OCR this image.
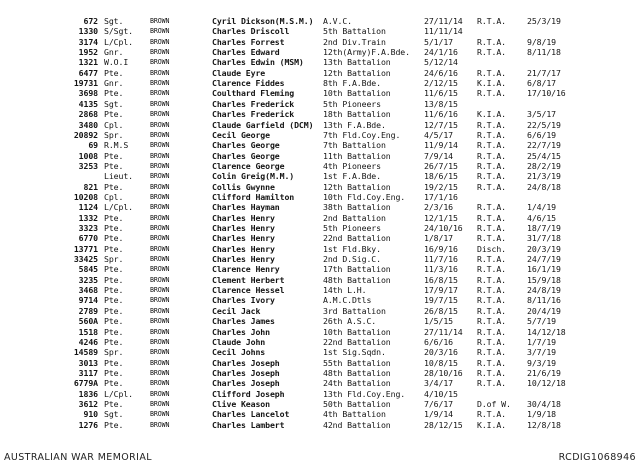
672 Sgt.	BROWN	Cyril Dickson(M.S.M.)	A.V.C.	27/11/14	R.T.A.	25/3/19
1330 S/Sgt.	BROWN	Charles Driscoll	5th Battalion	11/11/14
3174 L/Cpl.	BROWN	Charles Forrest	2nd Div.Train	5/1/17	R.T.A.	9/8/19
1952 Gnr.	BROWN	Charles Edward	12th(Army)F.A.Bde.	24/1/16	R.T.A.	8/11/18
1321 W.O.I	BROWN	Charles Edwin (MSM)	13th Battalion	5/12/14
6477 Pte.	BROWN	Claude Eyre	12th Battalion	24/6/16	R.T.A.	21/7/17
19731 Gnr.	BROWN	Clarence Fiddes	8th F.A.Bde.	2/12/15	K.I.A.	6/8/17
3698 Pte.	BROWN	Coulthard Fleming	10th Battalion	11/6/15	R.T.A.	17/10/16
4135 Sgt.	BROWN	Charles Frederick	5th Pioneers	13/8/15
2868 Pte.	BROWN	Charles Frederick	18th Battalion	11/6/16	K.I.A.	3/5/17
3480 Cpl.	BROWN	Claude Garfield (DCM)	13th F.A.Bde.	12/7/15	R.T.A.	22/5/19
20892 Spr.	BROWN	Cecil George	7th Fld.Coy.Eng.	4/5/17	R.T.A.	6/6/19
69 R.M.S	BROWN	Charles George	7th Battalion	11/9/14	R.T.A.	22/7/19
1008 Pte.	BROWN	Charles George	11th Battalion	7/9/14	R.T.A.	25/4/15
3253 Pte.	BROWN	Clarence George	4th Pioneers	26/7/15	R.T.A.	28/2/19
Lieut.	BROWN	Colin Greig(M.M.)	1st F.A.Bde.	18/6/15	R.T.A.	21/3/19
821 Pte.	BROWN	Collis Gwynne	12th Battalion	19/2/15	R.T.A.	24/8/18
10208 Cpl.	BROWN	Clifford Hamilton	10th Fld.Coy.Eng.	17/1/16
1124 L/Cpl.	BROWN	Charles Hayman	38th Battalion	2/3/16	R.T.A.	1/4/19
1332 Pte.	BROWN	Charles Henry	2nd Battalion	12/1/15	R.T.A.	4/6/15
3323 Pte.	BROWN	Charles Henry	5th Pioneers	24/10/16	R.T.A.	18/7/19
6770 Pte.	BROWN	Charles Henry	22nd Battalion	1/8/17	R.T.A.	31/7/18
13771 Pte.	BROWN	Charles Henry	1st Fld.Bky.	16/9/16	Disch.	20/3/19
33425 Spr.	BROWN	Charles Henry	2nd D.Sig.C.	11/7/16	R.T.A.	24/7/19
5845 Pte.	BROWN	Clarence Henry	17th Battalion	11/3/16	R.T.A.	16/1/19
3235 Pte.	BROWN	Clement Herbert	48th Battalion	16/8/15	R.T.A.	15/9/18
3468 Pte.	BROWN	Clarence Hessel	14th L.H.	17/9/17	R.T.A.	24/8/19
9714 Pte.	BROWN	Charles Ivory	A.M.C.Dtls	19/7/15	R.T.A.	8/11/16
2789 Pte.	BROWN	Cecil Jack	3rd Battalion	26/8/15	R.T.A.	20/4/19
560A Pte.	BROWN	Charles James	26th A.S.C.	1/5/15	R.T.A.	5/7/19
1518 Pte.	BROWN	Charles John	10th Battalion	27/11/14	R.T.A.	14/12/18
4246 Pte.	BROWN	Claude John	22nd Battalion	6/6/16	R.T.A.	1/7/19
14589 Spr.	BROWN	Cecil Johns	1st Sig.Sqdn.	20/3/16	R.T.A.	3/7/19
3013 Pte.	BROWN	Charles Joseph	55th Battalion	10/8/15	R.T.A.	9/3/19
3117 Pte.	BROWN	Charles Joseph	48th Battalion	28/10/16	R.T.A.	21/6/19
6779A Pte.	BROWN	Charles Joseph	24th Battalion	3/4/17	R.T.A.	10/12/18
1836 L/Cpl.	BROWN	Clifford Joseph	13th Fld.Coy.Eng.	4/10/15
3612 Pte.	BROWN	Clive Keason	50th Battalion	7/6/17	D.of W.	30/4/18
910 Sgt.	BROWN	Charles Lancelot	4th Battalion	1/9/14	R.T.A.	1/9/18
1276 Pte.	BROWN	Charles Lambert	42nd Battalion	28/12/15	K.I.A.	12/8/18
AUSTRALIAN WAR MEMORIAL	RCDIG1068946
